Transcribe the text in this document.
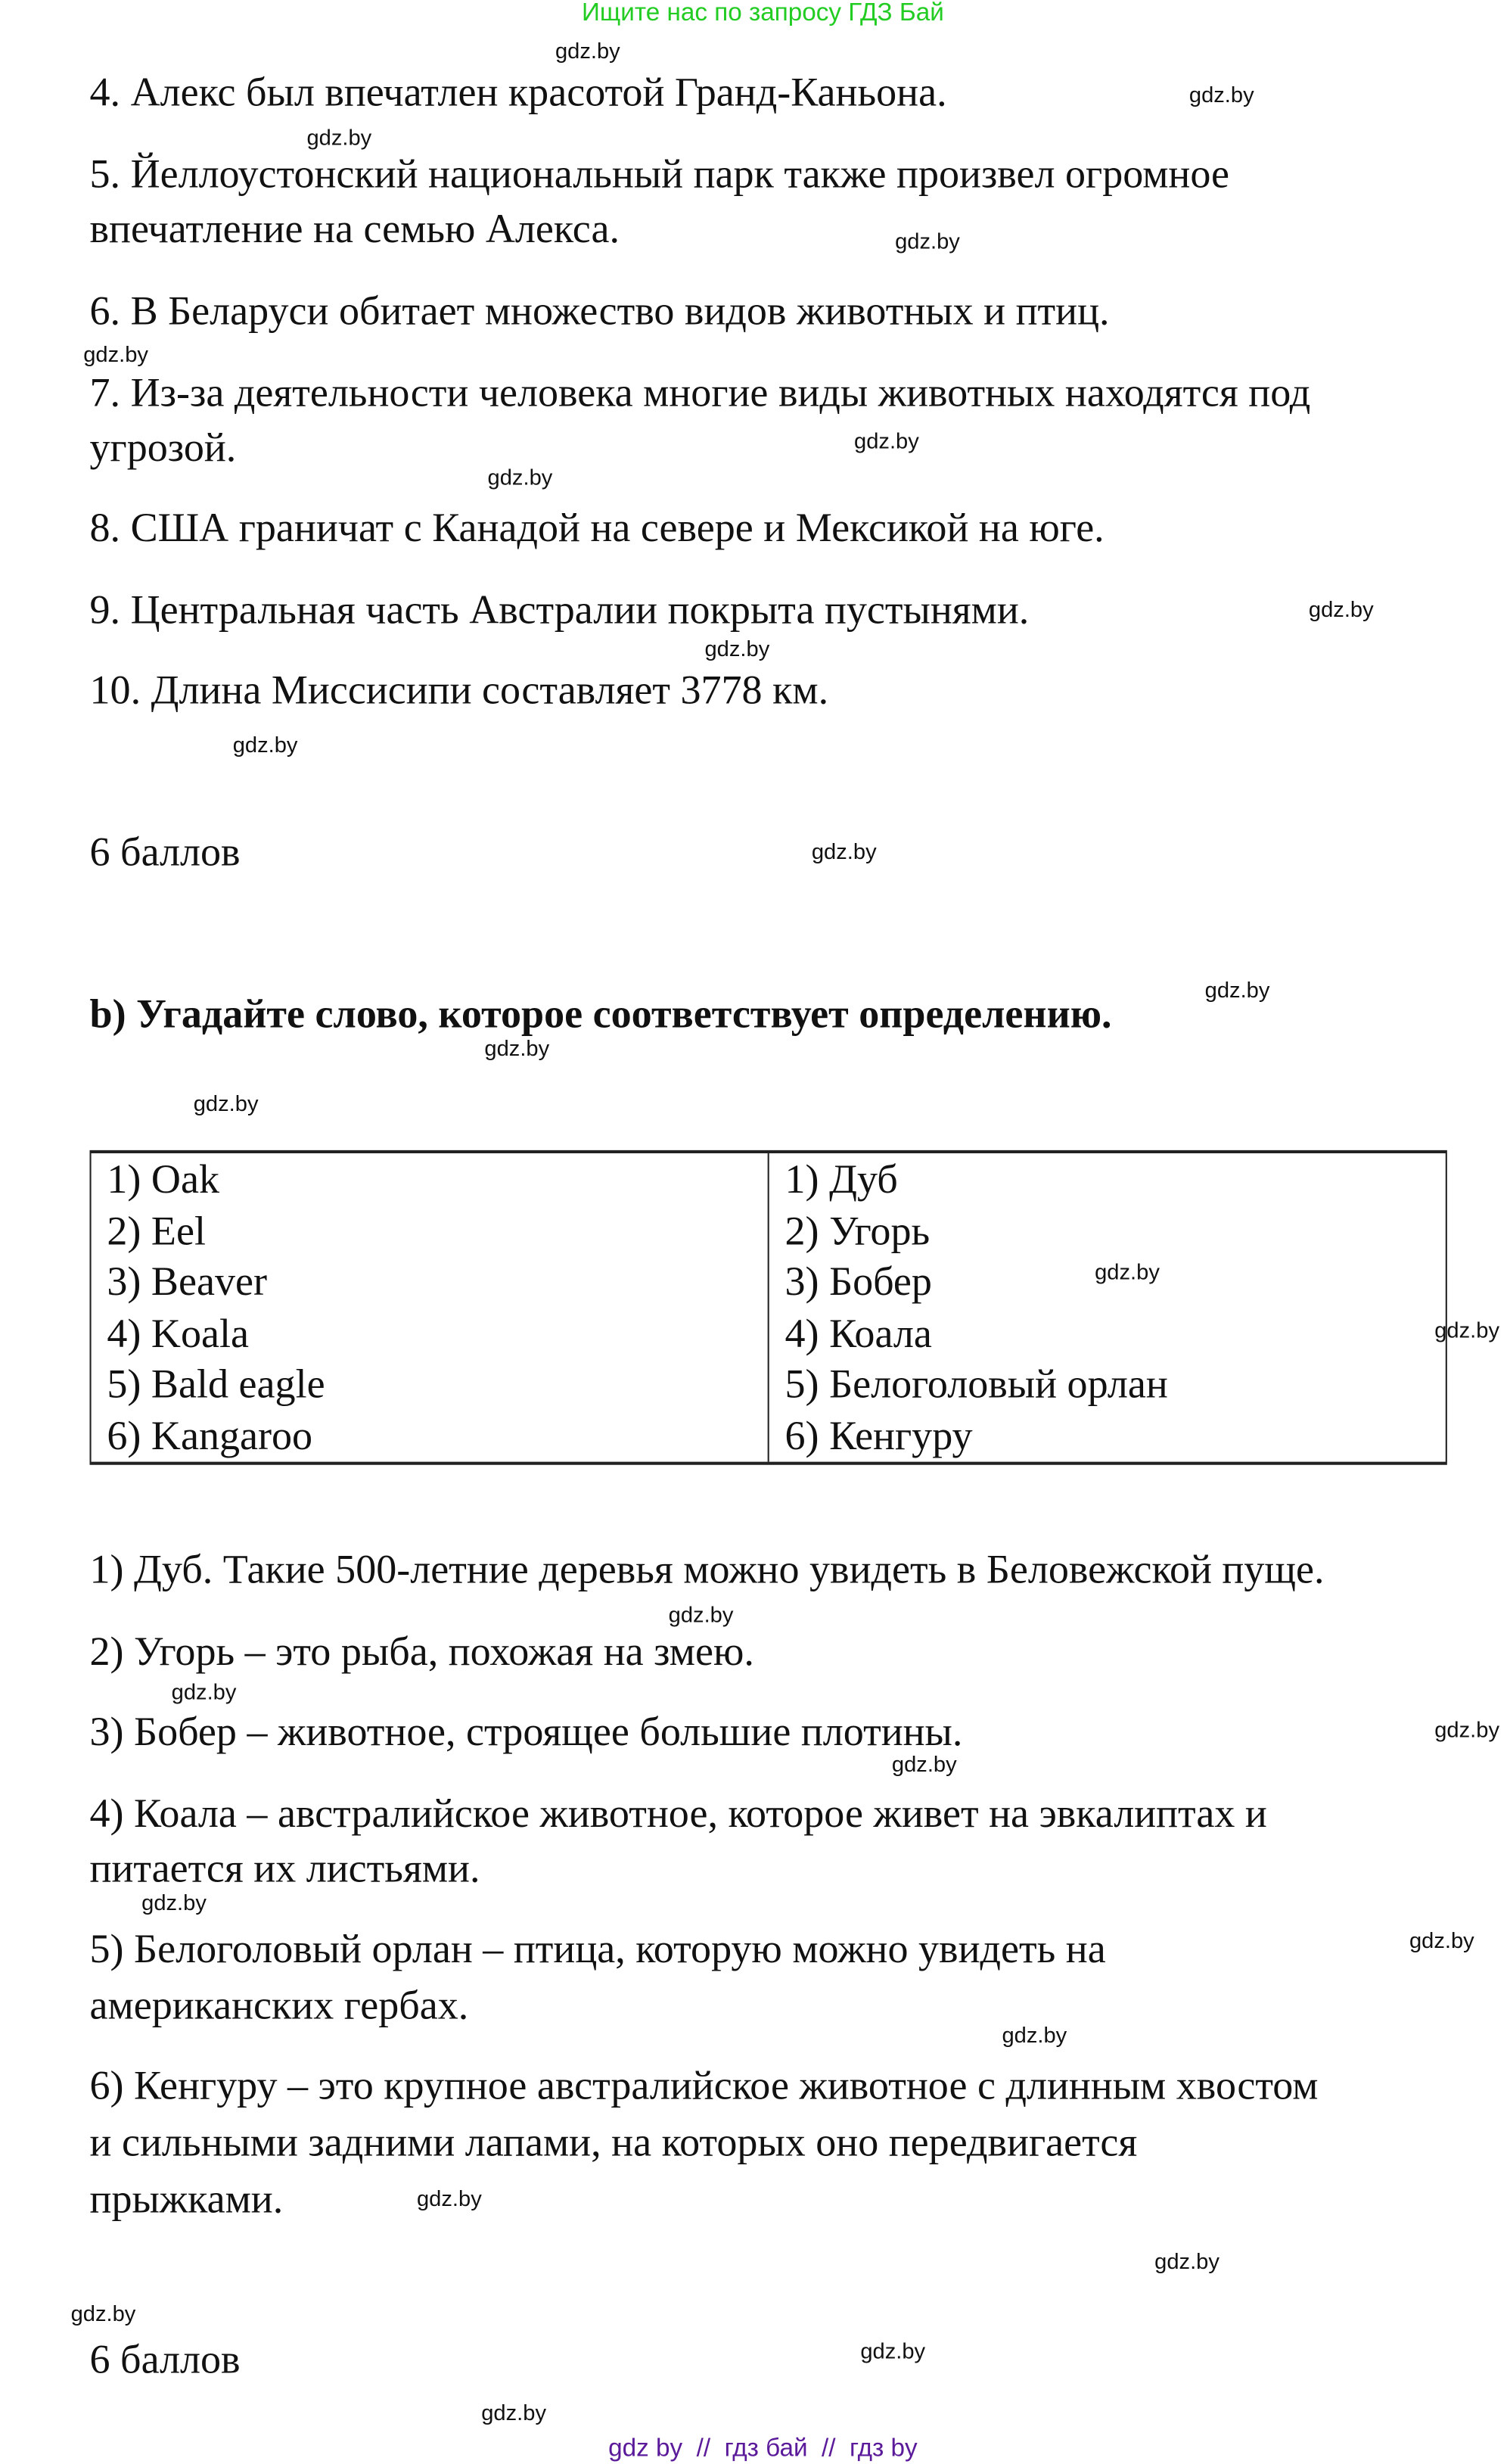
Ищите нас по запросу ГДЗ Бай
4. Алекс был впечатлен красотой Гранд-Каньона.
5. Йеллоустонский национальный парк также произвел огромное
впечатление на семью Алекса.
6. В Беларуси обитает множество видов животных и птиц.
7. Из-за деятельности человека многие виды животных находятся под
угрозой.
8. США граничат с Канадой на севере и Мексикой на юге.
9. Центральная часть Австралии покрыта пустынями.
10. Длина Миссисипи составляет 3778 км.
6 баллов
b) Угадайте слово, которое соответствует определению.
1) Oak
2) Eel
3) Beaver
4) Koala
5) Bald eagle
6) Kangaroo
1) Дуб
2) Угорь
3) Бобер
4) Коала
5) Белоголовый орлан
6) Кенгуру
1) Дуб. Такие 500-летние деревья можно увидеть в Беловежской пуще.
2) Угорь – это рыба, похожая на змею.
3) Бобер – животное, строящее большие плотины.
4) Коала – австралийское животное, которое живет на эвкалиптах и
питается их листьями.
5) Белоголовый орлан – птица, которую можно увидеть на
американских гербах.
6) Кенгуру – это крупное австралийское животное с длинным хвостом
и сильными задними лапами, на которых оно передвигается
прыжками.
6 баллов
gdz.by
gdz.by
gdz.by
gdz.by
gdz.by
gdz.by
gdz.by
gdz.by
gdz.by
gdz.by
gdz.by
gdz.by
gdz.by
gdz.by
gdz.by
gdz.by
gdz.by
gdz.by
gdz.by
gdz.by
gdz.by
gdz.by
gdz.by
gdz.by
gdz.by
gdz.by
gdz.by
gdz.by
gdz by  //  гдз бай  //  гдз by
